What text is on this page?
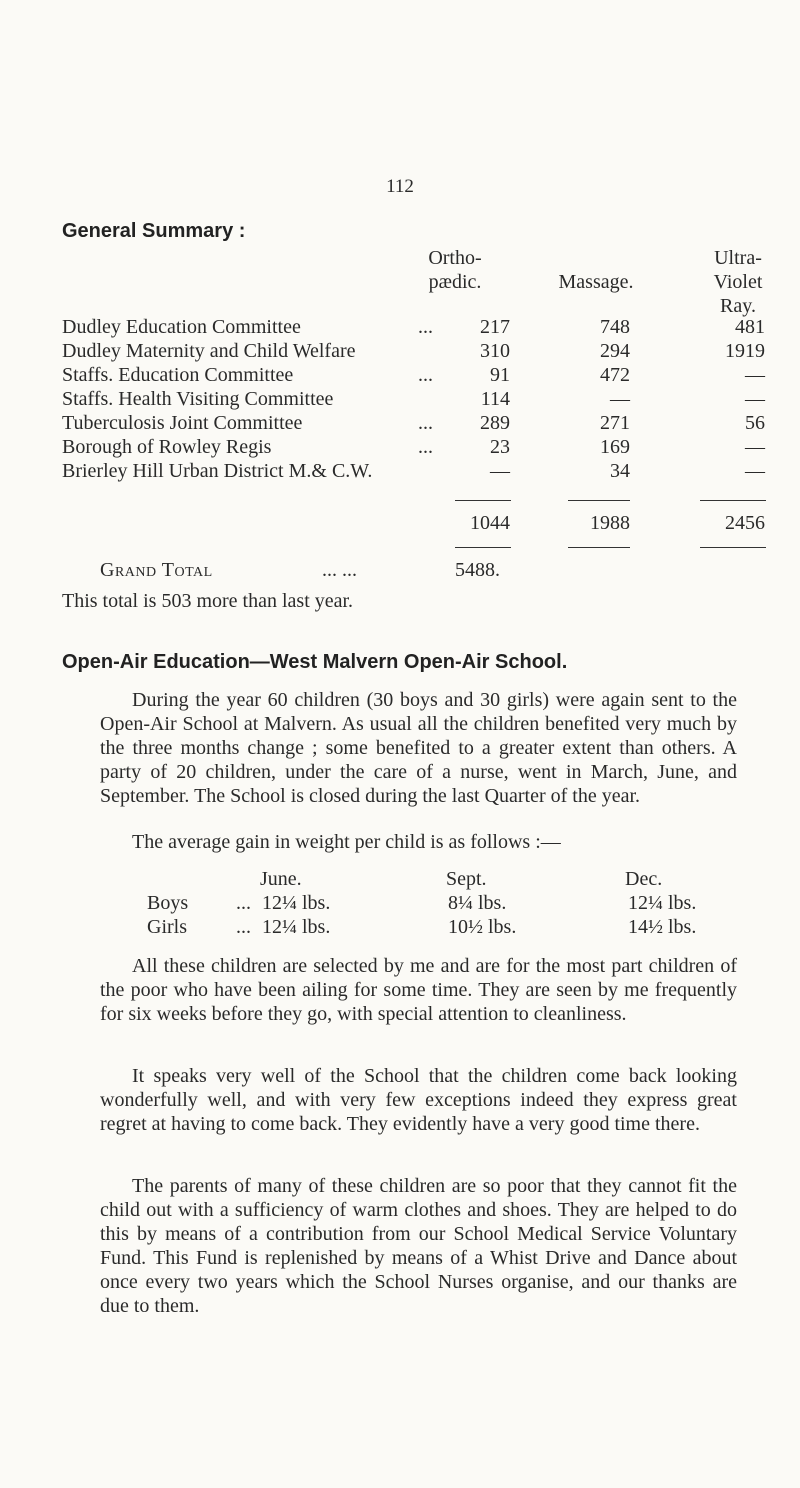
112
General Summary :
Ortho-
pædic.	Massage.
Ultra-
Violet
Ray.
Dudley Education Committee	...	217	748	481
Dudley Maternity and Child Welfare	310	294	1919
Staffs. Education Committee	...	91	472	—
Staffs. Health Visiting Committee	114	—	—
Tuberculosis Joint Committee	...	289	271	56
Borough of Rowley Regis	...	23	169	—
Brierley Hill Urban District M.& C.W.	—	34	—
1044	1988	2456
Grand Total	... ...	5488.
This total is 503 more than last year.
Open-Air Education—West Malvern Open-Air School.

During the year 60 children (30 boys and 30 girls) were again sent to the Open-Air School at Malvern. As usual all the children benefited very much by the three months change ; some benefited to a greater extent than others. A party of 20 children, under the care of a nurse, went in March, June, and September. The School is closed during the last Quarter of the year.

The average gain in weight per child is as follows :—

June.	Sept.	Dec.
Boys ... 12¼ lbs.	8¼ lbs.	12¼ lbs.
Girls ... 12¼ lbs.	10½ lbs.	14½ lbs.

All these children are selected by me and are for the most part children of the poor who have been ailing for some time. They are seen by me frequently for six weeks before they go, with special attention to cleanliness.

It speaks very well of the School that the children come back looking wonderfully well, and with very few exceptions indeed they express great regret at having to come back. They evidently have a very good time there.

The parents of many of these children are so poor that they cannot fit the child out with a sufficiency of warm clothes and shoes. They are helped to do this by means of a contribution from our School Medical Service Voluntary Fund. This Fund is replenished by means of a Whist Drive and Dance about once every two years which the School Nurses organise, and our thanks are due to them.
